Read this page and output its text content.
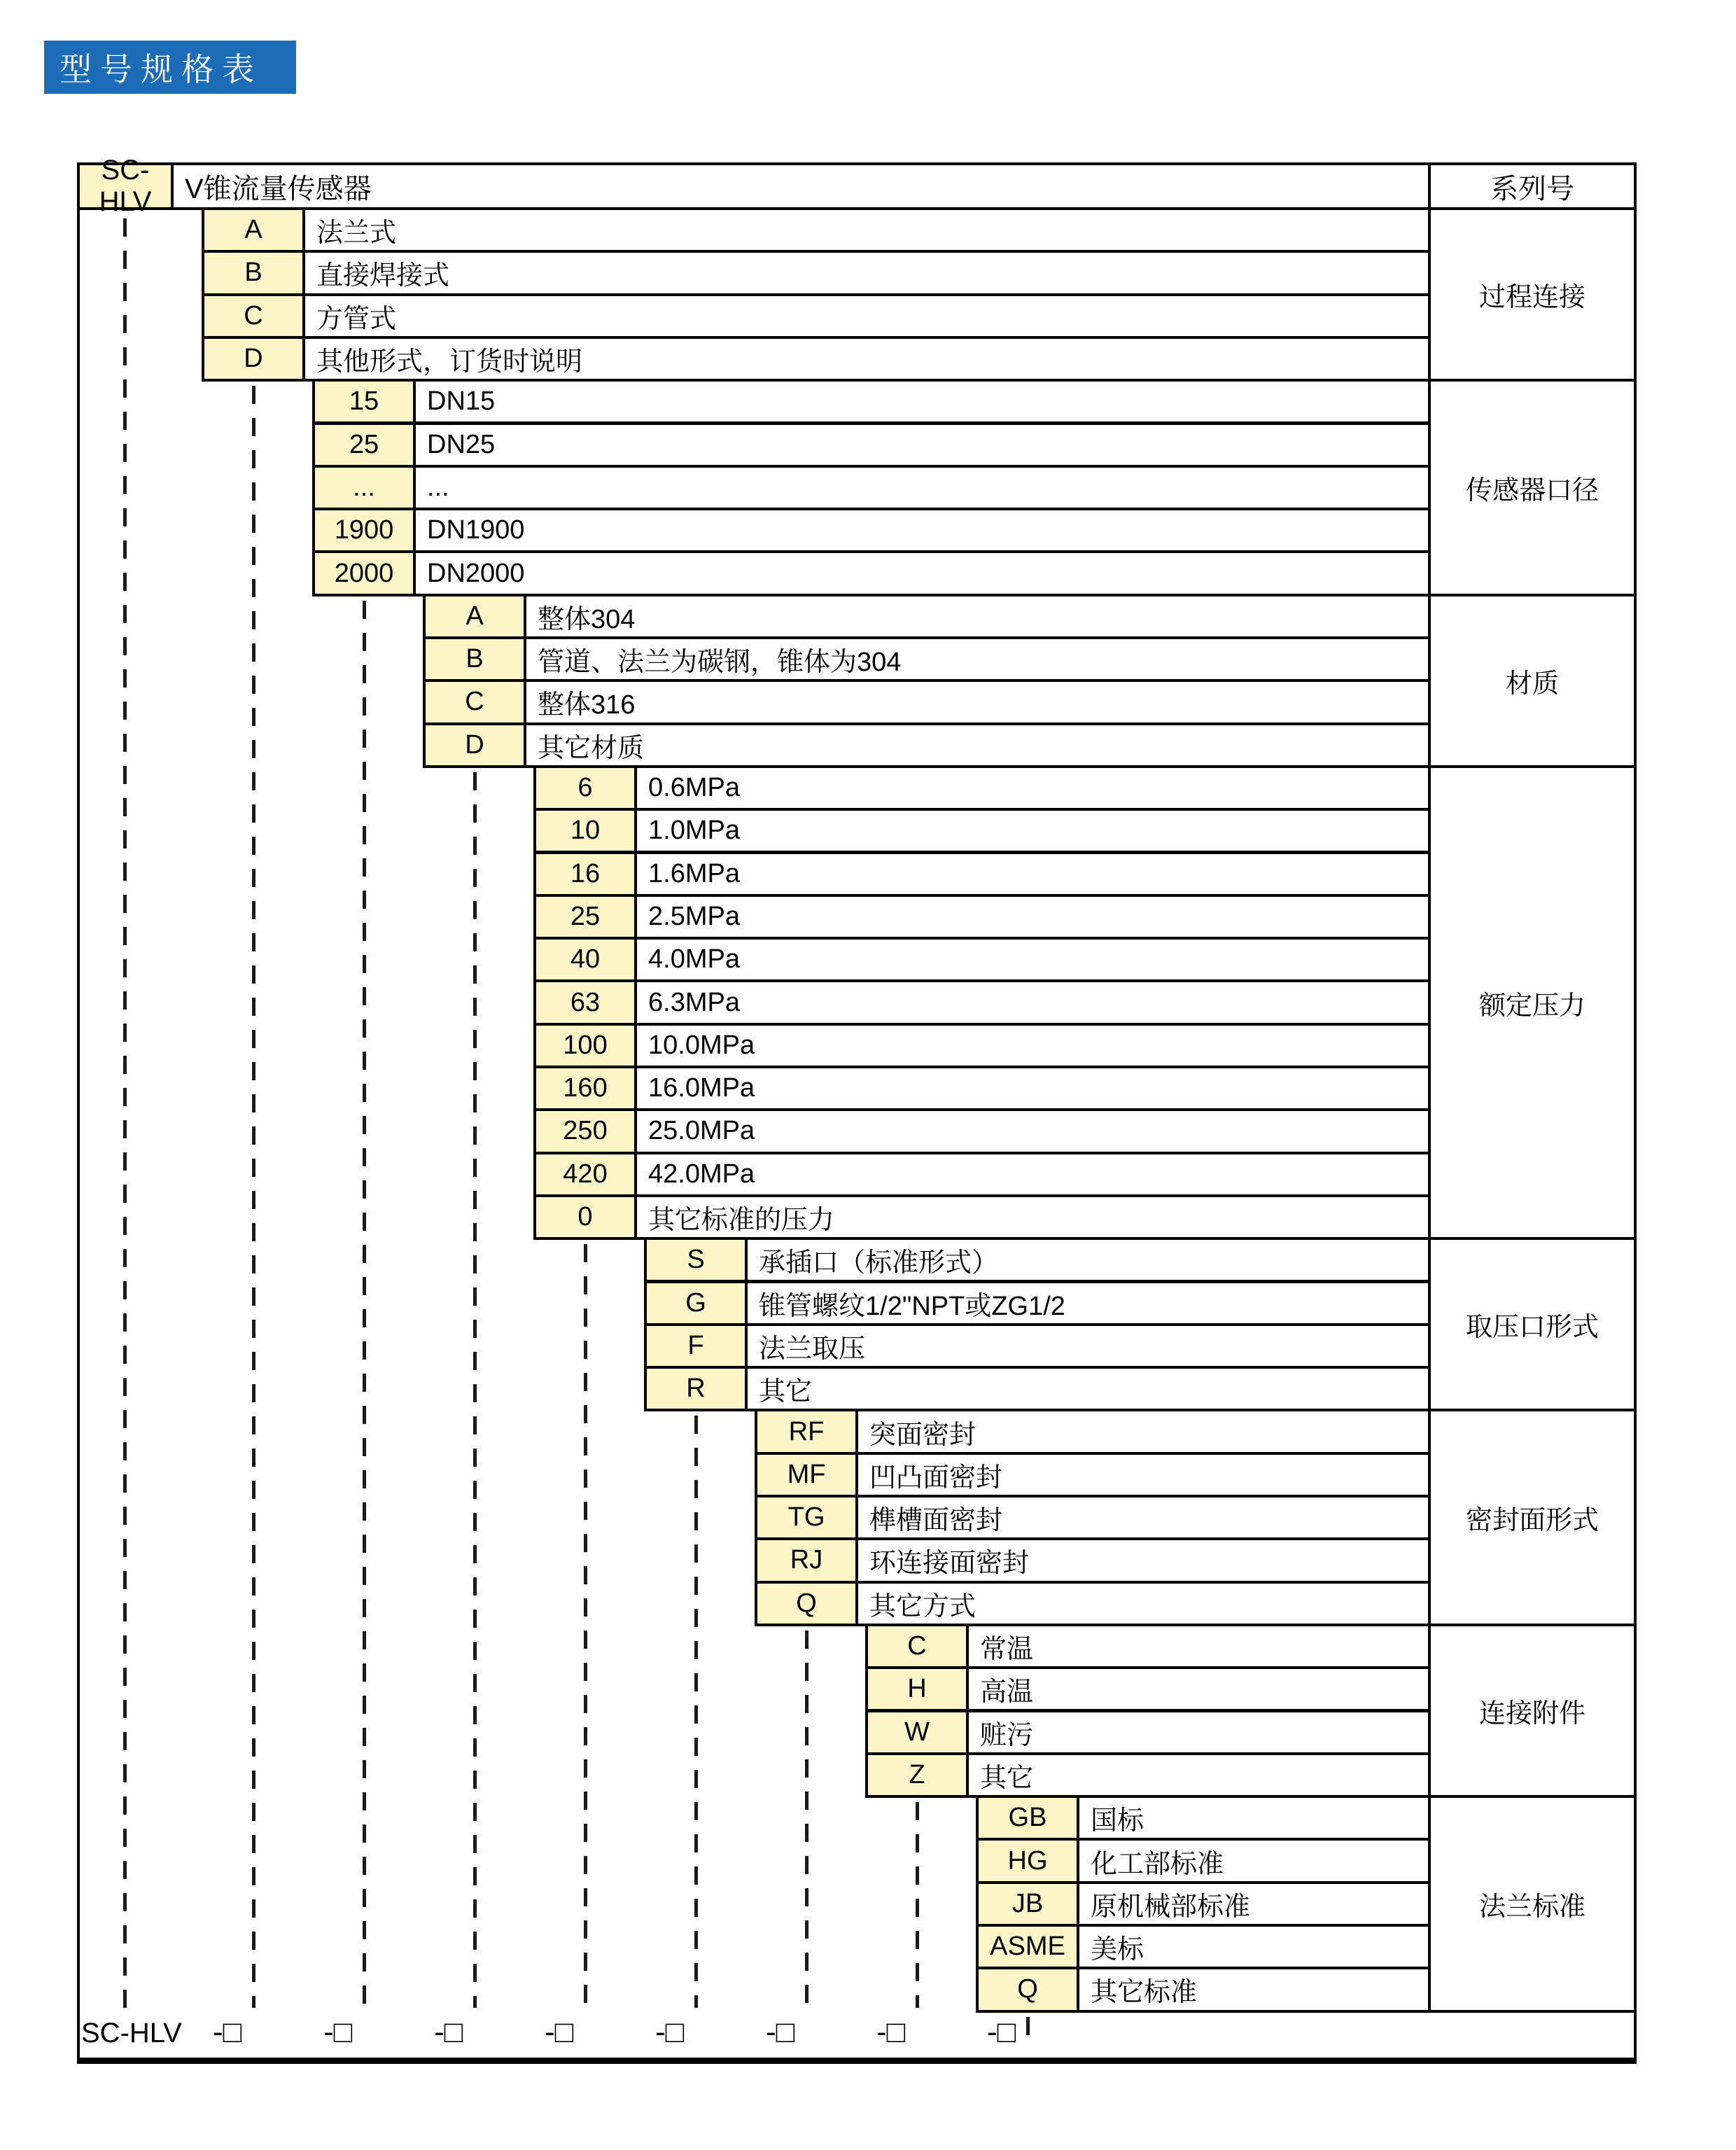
型号规格表
SC-HLV	V锥流量传感器	系列号
A	法兰式
B	直接焊接式
C	方管式
D	其他形式，订货时说明
过程连接
15	DN15
25	DN25
...	...
1900	DN1900
2000	DN2000
传感器口径
A	整体304
B	管道、法兰为碳钢，锥体为304
C	整体316
D	其它材质
材质
6	0.6MPa
10	1.0MPa
16	1.6MPa
25	2.5MPa
40	4.0MPa
63	6.3MPa
100	10.0MPa
160	16.0MPa
250	25.0MPa
420	42.0MPa
0	其它标准的压力
额定压力
S	承插口（标准形式）
G	锥管螺纹1/2"NPT或ZG1/2
F	法兰取压
R	其它
取压口形式
RF	突面密封
MF	凹凸面密封
TG	榫槽面密封
RJ	环连接面密封
Q	其它方式
密封面形式
C	常温
H	高温
W	赃污
Z	其它
连接附件
GB	国标
HG	化工部标准
JB	原机械部标准
ASME 美标
Q	其它标准
法兰标准
SC-HLV	-□	-□	-□	-□	-□	-□	-□	-□
